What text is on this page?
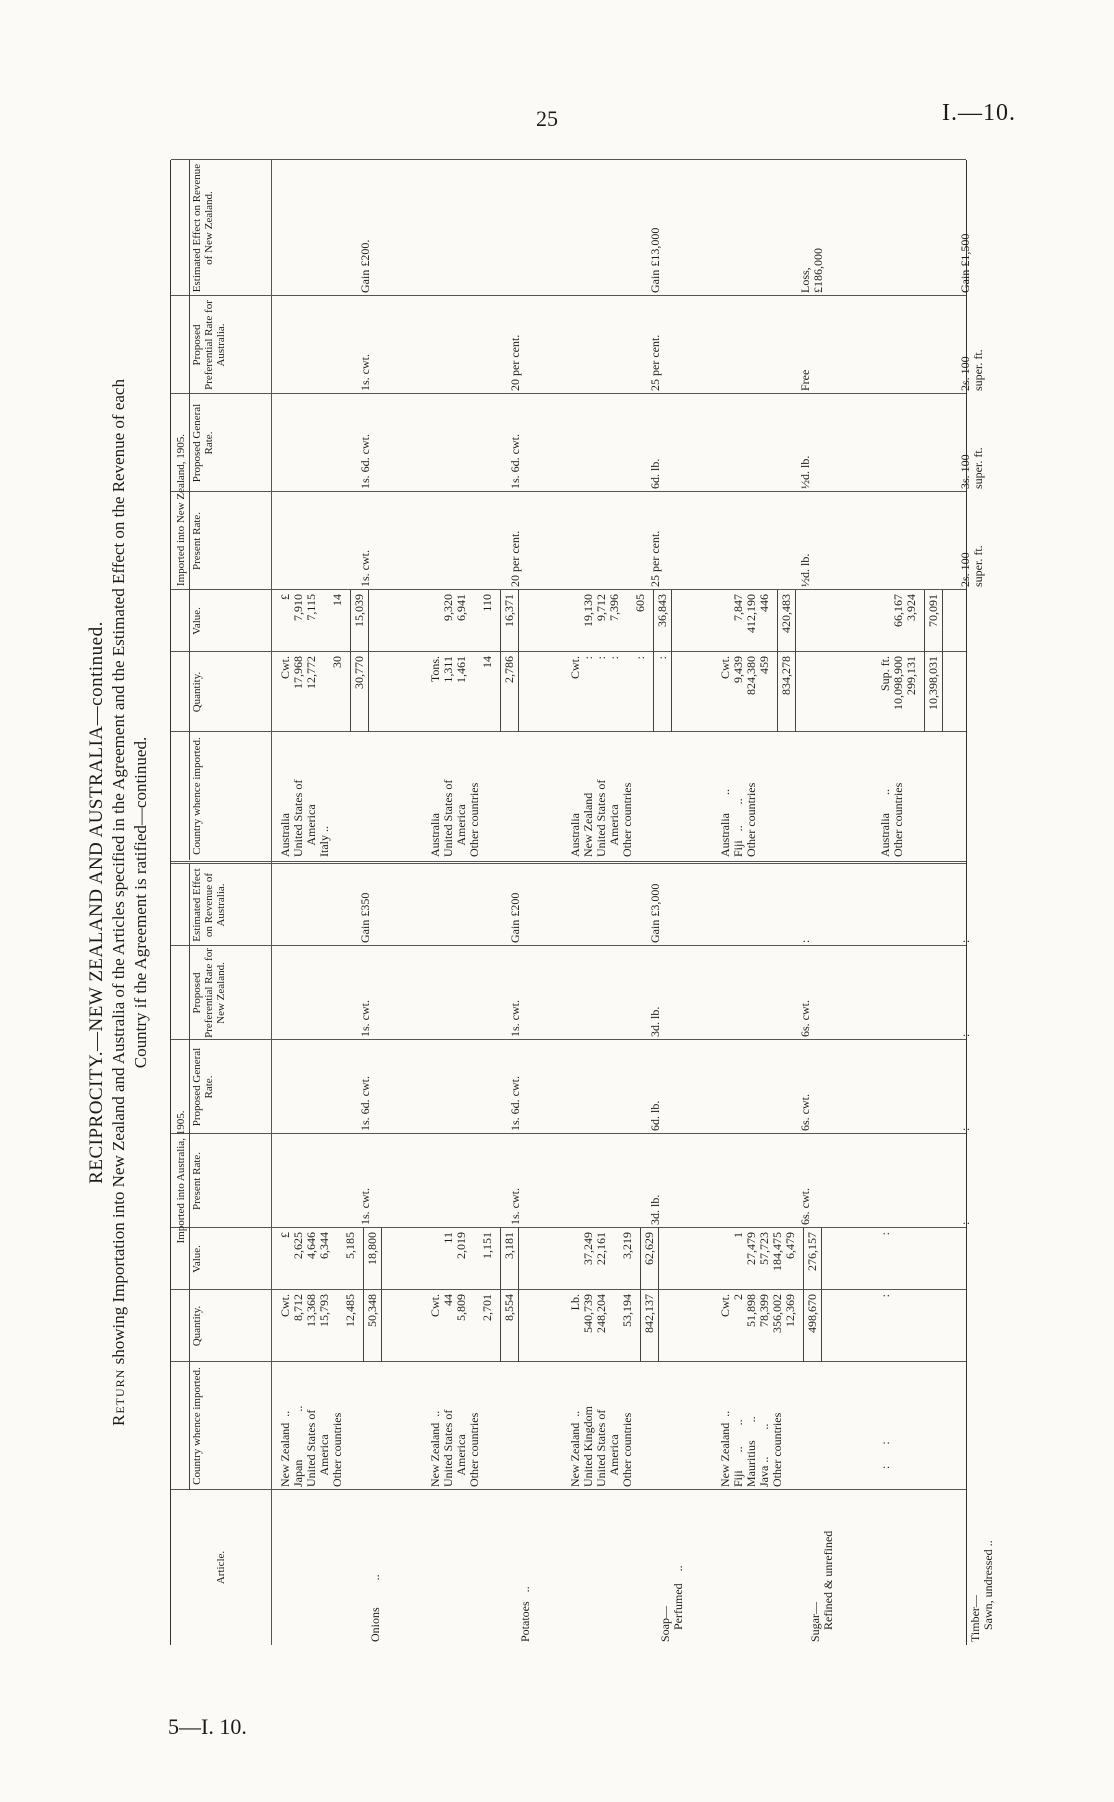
25	I.—10.
5—I. 10.
RECIPROCITY.—NEW ZEALAND AND AUSTRALIA—continued.
Return showing Importation into New Zealand and Australia of the Articles specified in the Agreement and the Estimated Effect on the Revenue of each Country if the Agreement is ratified—continued.
Imported into Australia, 1905.
Imported into New Zealand, 1905.
Article.
Country whence imported.
Quantity.
Value.
Present Rate.
Proposed General Rate.
Proposed Preferential Rate for New Zealand.
Estimated Effect on Revenue of Australia.
Country whence imported.
Quantity.
Value.
Present Rate.
Proposed General Rate.
Proposed Preferential Rate for Australia.
Estimated Effect on Revenue of New Zealand.
Onions         ..
New Zealand  ..
Japan                ..
United States of
America
Other countries
Cwt.
8,712
13,368
15,793

12,485 50,348
£
2,625
4,646
6,344

5,185 18,800
1s. cwt.
1s. 6d. cwt.
1s. cwt.
Gain £350
Australia
United States of
America
Italy ..
Cwt.
17,968
12,772

30 30,770
£
7,910
7,115

14 15,039
1s. cwt.
1s. 6d. cwt.
1s. cwt.
Gain £200.
Potatoes   ..
New Zealand  ..
United States of
America
Other countries
Cwt.
44
5,809

2,701 8,554

11
2,019

1,151 3,181
1s. cwt.
1s. 6d. cwt.
1s. cwt.
Gain £200
Australia
United States of
America
Other countries
Tons.
1,311
1,461

14 2,786

9,320
6,941

110 16,371
20 per cent.
1s. 6d. cwt.
20 per cent.
Soap—
Perfumed    ..
New Zealand  ..
United Kingdom
United States of
America
Other countries
Lb.
540,739
248,204

53,194 842,137

37,249
22,161

3,219 62,629
3d. lb.
6d. lb.
3d. lb.
Gain £3,000
Australia
New Zealand
United States of
America
Other countries
Cwt.
:
:
:

: :

19,130
9,712
7,396

605 36,843
25 per cent.
6d. lb.
25 per cent.
Gain £13,000
Sugar—
Refined & unrefined
New Zealand  ..
Fiji      ..       ..
Mauritius      ..
Java ..         ..
Other countries
Cwt.
2
51,898
78,399
356,002
12,369 498,670

1
27,479
57,723
184,475
6,479 276,157
6s. cwt.
6s. cwt.
6s. cwt.
:
Australia      ..
Fiji   ..       ..
Other countries
Cwt.
9,439
824,380
459 834,278

7,847
412,190
446 420,483
½d. lb.
½d. lb.
Free
Loss,
£186,000
Timber—
Sawn, undressed ..
:       :
:
:
:
:
:
:
Australia      ..
Other countries
Sup. ft.
10,098,900
299,131 10,398,031

66,167
3,924 70,091
2s. 100
super. ft.
3s. 100
super. ft.
2s. 100
super. ft.
Gain £1,500
